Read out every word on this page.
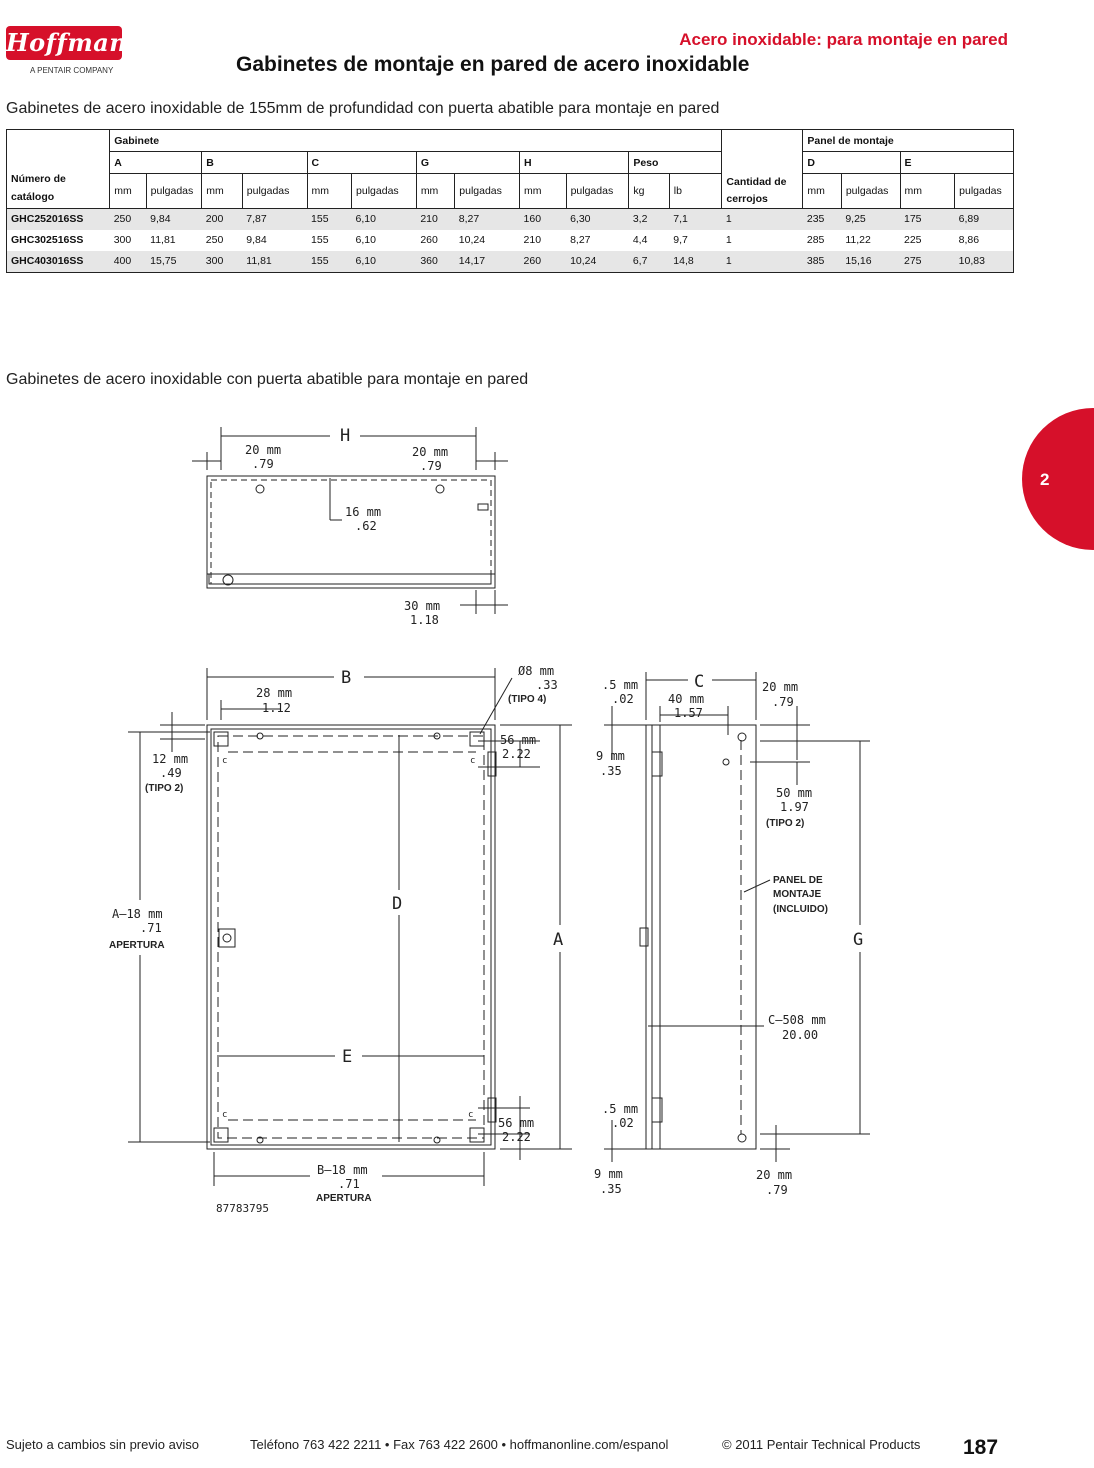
Hoffman®
A PENTAIR COMPANY
Acero inoxidable: para montaje en pared
Gabinetes de montaje en pared de acero inoxidable
Gabinetes de acero inoxidable de 155mm de profundidad con puerta abatible para montaje en pared
Número de catálogo	Gabinete													Panel de montaje			
	A		B		C		G		H		Peso			D		E	
	mm	pulgadas	mm	pulgadas	mm	pulgadas	mm	pulgadas	mm	pulgadas	kg	lb	Cantidad de cerrojos	mm	pulgadas	mm	pulgadas
GHC252016SS	250	9,84	200	7,87	155	6,10	210	8,27	160	6,30	3,2	7,1	1	235	9,25	175	6,89
GHC302516SS	300	11,81	250	9,84	155	6,10	260	10,24	210	8,27	4,4	9,7	1	285	11,22	225	8,86
GHC403016SS	400	15,75	300	11,81	155	6,10	360	14,17	260	10,24	6,7	14,8	1	385	15,16	275	10,83
Gabinetes de acero inoxidable con puerta abatible para montaje en pared
2
H
20 mm
.79
20 mm
.79
16 mm
.62
30 mm
1.18
B
28 mm
1.12
Ø8 mm
.33
(TIPO 4)
56 mm
2.22
12 mm
.49
(TIPO 2)
A–18 mm
.71
APERTURA
D
E
A
56 mm
2.22
B–18 mm
.71
APERTURA
87783795
c	c
c	c
C
.5 mm
.02	40 mm
1.57
20 mm
.79
9 mm
.35
50 mm
1.97
(TIPO 2)
PANEL DE
MONTAJE
(INCLUIDO)
G
C–508 mm
20.00
.5 mm
.02
9 mm
.35
20 mm
.79
Sujeto a cambios sin previo aviso	Teléfono 763 422 2211 • Fax 763 422 2600 • hoffmanonline.com/espanol	© 2011 Pentair Technical Products 187
